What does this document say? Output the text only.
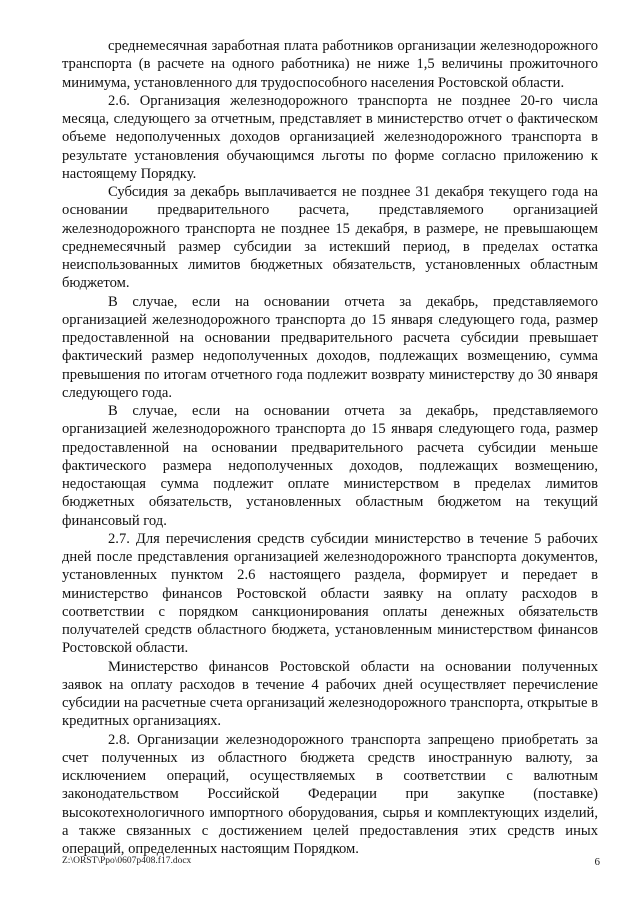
среднемесячная заработная плата работников организации железнодорожного транспорта (в расчете на одного работника) не ниже 1,5 величины прожиточного минимума, установленного для трудоспособного населения Ростовской области.

2.6. Организация железнодорожного транспорта не позднее 20-го числа месяца, следующего за отчетным, представляет в министерство отчет о фактическом объеме недополученных доходов организацией железнодорожного транспорта в результате установления обучающимся льготы по форме согласно приложению к настоящему Порядку.

Субсидия за декабрь выплачивается не позднее 31 декабря текущего года на основании предварительного расчета, представляемого организацией железнодорожного транспорта не позднее 15 декабря, в размере, не превышающем среднемесячный размер субсидии за истекший период, в пределах остатка неиспользованных лимитов бюджетных обязательств, установленных областным бюджетом.

В случае, если на основании отчета за декабрь, представляемого организацией железнодорожного транспорта до 15 января следующего года, размер предоставленной на основании предварительного расчета субсидии превышает фактический размер недополученных доходов, подлежащих возмещению, сумма превышения по итогам отчетного года подлежит возврату министерству до 30 января следующего года.

В случае, если на основании отчета за декабрь, представляемого организацией железнодорожного транспорта до 15 января следующего года, размер предоставленной на основании предварительного расчета субсидии меньше фактического размера недополученных доходов, подлежащих возмещению, недостающая сумма подлежит оплате министерством в пределах лимитов бюджетных обязательств, установленных областным бюджетом на текущий финансовый год.

2.7. Для перечисления средств субсидии министерство в течение 5 рабочих дней после представления организацией железнодорожного транспорта документов, установленных пунктом 2.6 настоящего раздела, формирует и передает в министерство финансов Ростовской области заявку на оплату расходов в соответствии с порядком санкционирования оплаты денежных обязательств получателей средств областного бюджета, установленным министерством финансов Ростовской области.

Министерство финансов Ростовской области на основании полученных заявок на оплату расходов в течение 4 рабочих дней осуществляет перечисление субсидии на расчетные счета организаций железнодорожного транспорта, открытые в кредитных организациях.

2.8. Организации железнодорожного транспорта запрещено приобретать за счет полученных из областного бюджета средств иностранную валюту, за исключением операций, осуществляемых в соответствии с валютным законодательством Российской Федерации при закупке (поставке) высокотехнологичного импортного оборудования, сырья и комплектующих изделий, а также связанных с достижением целей предоставления этих средств иных операций, определенных настоящим Порядком.

Z:\ORST\Ppo\0607p408.f17.docx	6
